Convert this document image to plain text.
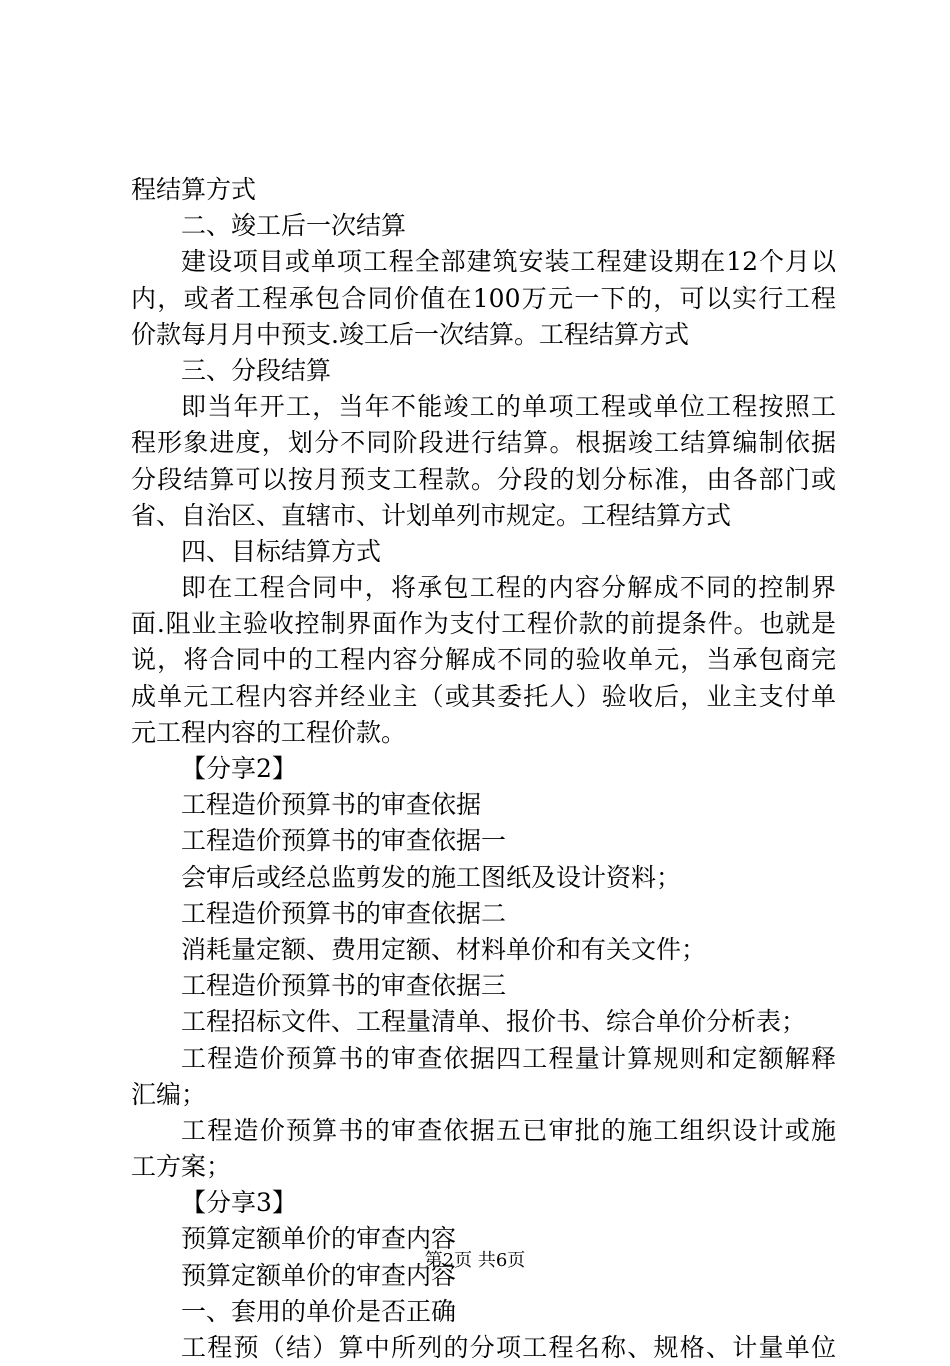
程结算方式
二、竣工后一次结算
建设项目或单项工程全部建筑安装工程建设期在12个月以
内，或者工程承包合同价值在100万元一下的，可以实行工程
价款每月月中预支.竣工后一次结算。工程结算方式
三、分段结算
即当年开工，当年不能竣工的单项工程或单位工程按照工
程形象进度，划分不同阶段进行结算。根据竣工结算编制依据
分段结算可以按月预支工程款。分段的划分标准，由各部门或
省、自治区、直辖市、计划单列市规定。工程结算方式
四、目标结算方式
即在工程合同中，将承包工程的内容分解成不同的控制界
面.阻业主验收控制界面作为支付工程价款的前提条件。也就是
说，将合同中的工程内容分解成不同的验收单元，当承包商完
成单元工程内容并经业主（或其委托人）验收后，业主支付单
元工程内容的工程价款。
【分享2】
工程造价预算书的审查依据
工程造价预算书的审查依据一
会审后或经总监剪发的施工图纸及设计资料；
工程造价预算书的审查依据二
消耗量定额、费用定额、材料单价和有关文件；
工程造价预算书的审查依据三
工程招标文件、工程量清单、报价书、综合单价分析表；
工程造价预算书的审查依据四工程量计算规则和定额解释
汇编；
工程造价预算书的审查依据五已审批的施工组织设计或施
工方案；
【分享3】
预算定额单价的审查内容
预算定额单价的审查内容
一、套用的单价是否正确
工程预（结）算中所列的分项工程名称、规格、计量单位
第2页 共6页
